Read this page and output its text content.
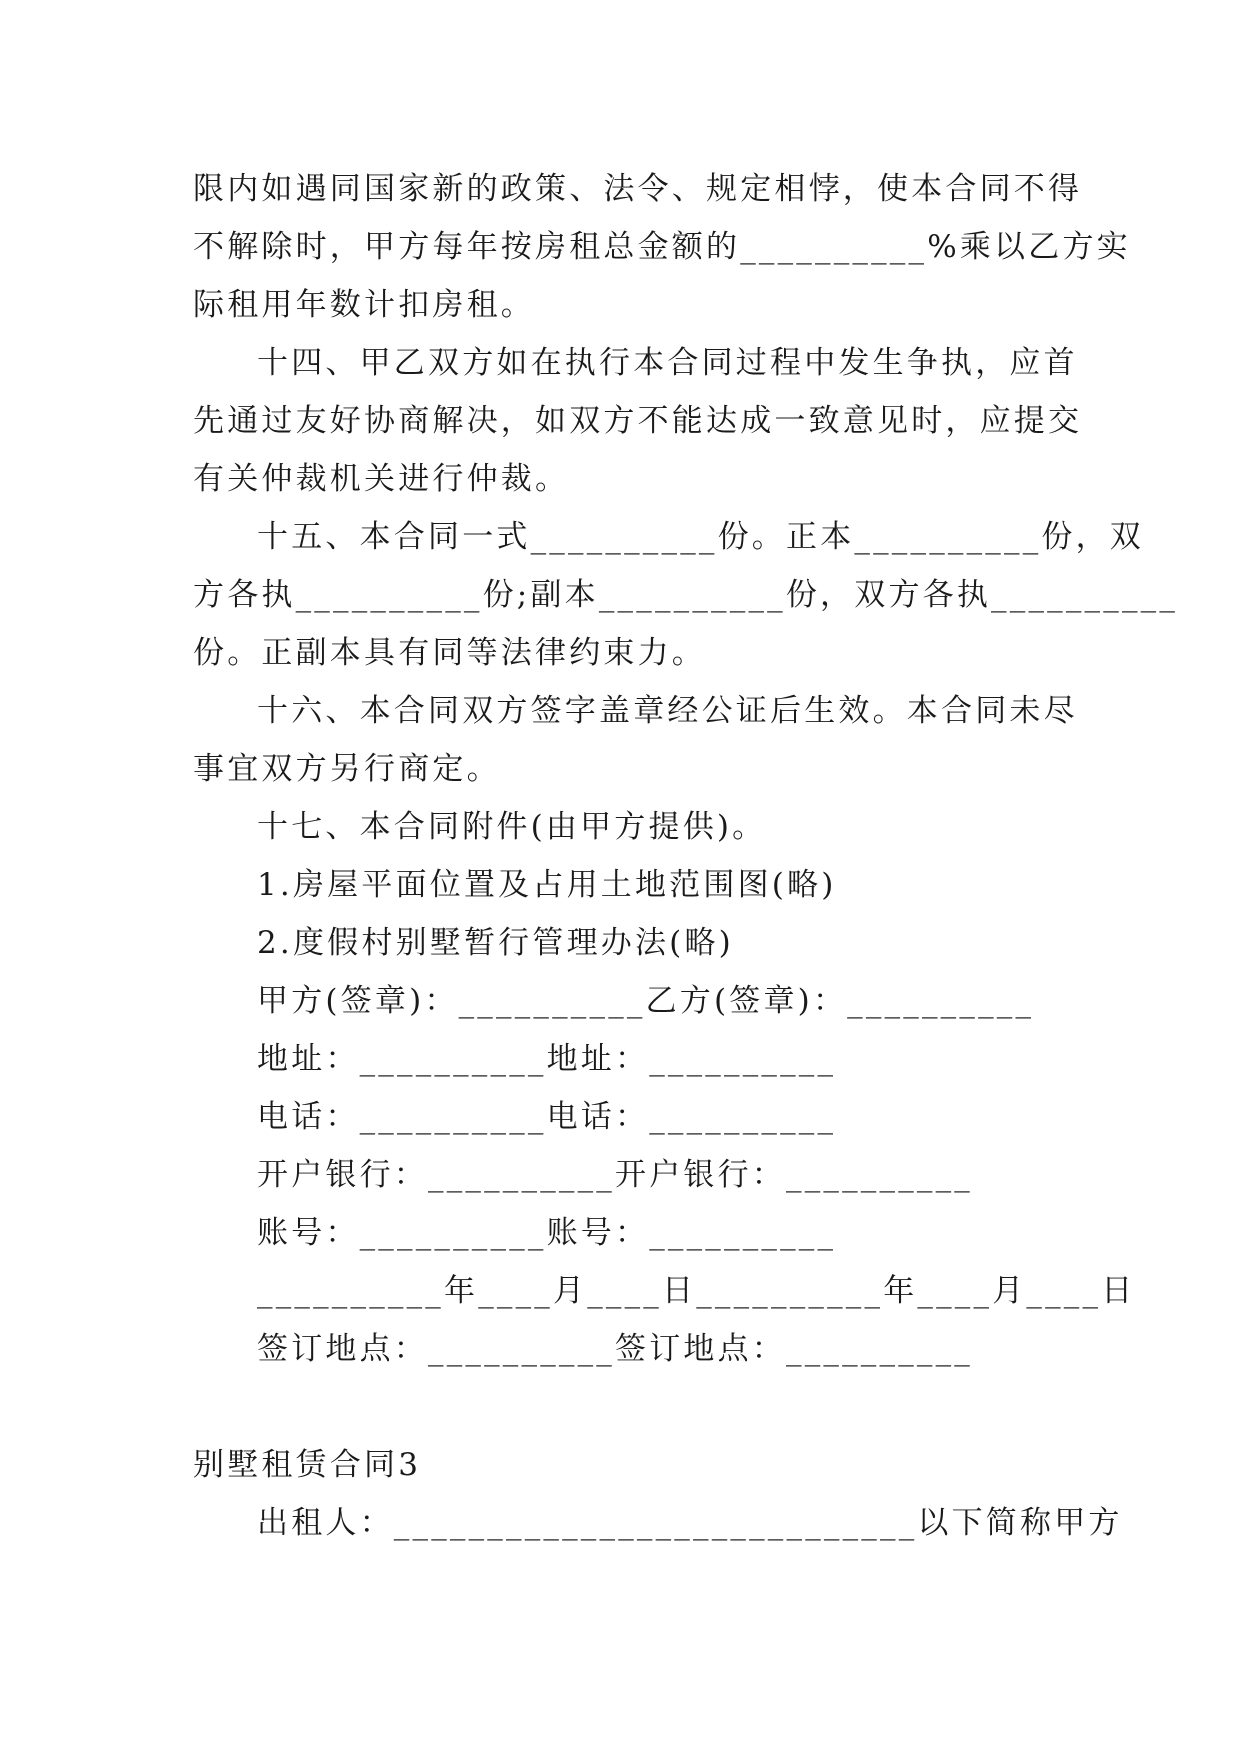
限内如遇同国家新的政策、法令、规定相悖，使本合同不得
不解除时，甲方每年按房租总金额的__________%乘以乙方实
际租用年数计扣房租。
十四、甲乙双方如在执行本合同过程中发生争执，应首
先通过友好协商解决，如双方不能达成一致意见时，应提交
有关仲裁机关进行仲裁。
十五、本合同一式__________份。正本__________份，双
方各执__________份;副本__________份，双方各执__________
份。正副本具有同等法律约束力。
十六、本合同双方签字盖章经公证后生效。本合同未尽
事宜双方另行商定。
十七、本合同附件(由甲方提供)。
1.房屋平面位置及占用土地范围图(略)
2.度假村别墅暂行管理办法(略)
甲方(签章)：__________乙方(签章)：__________
地址：__________地址：__________
电话：__________电话：__________
开户银行：__________开户银行：__________
账号：__________账号：__________
__________年____月____日__________年____月____日
签订地点：__________签订地点：__________
别墅租赁合同3
出租人：____________________________以下简称甲方
